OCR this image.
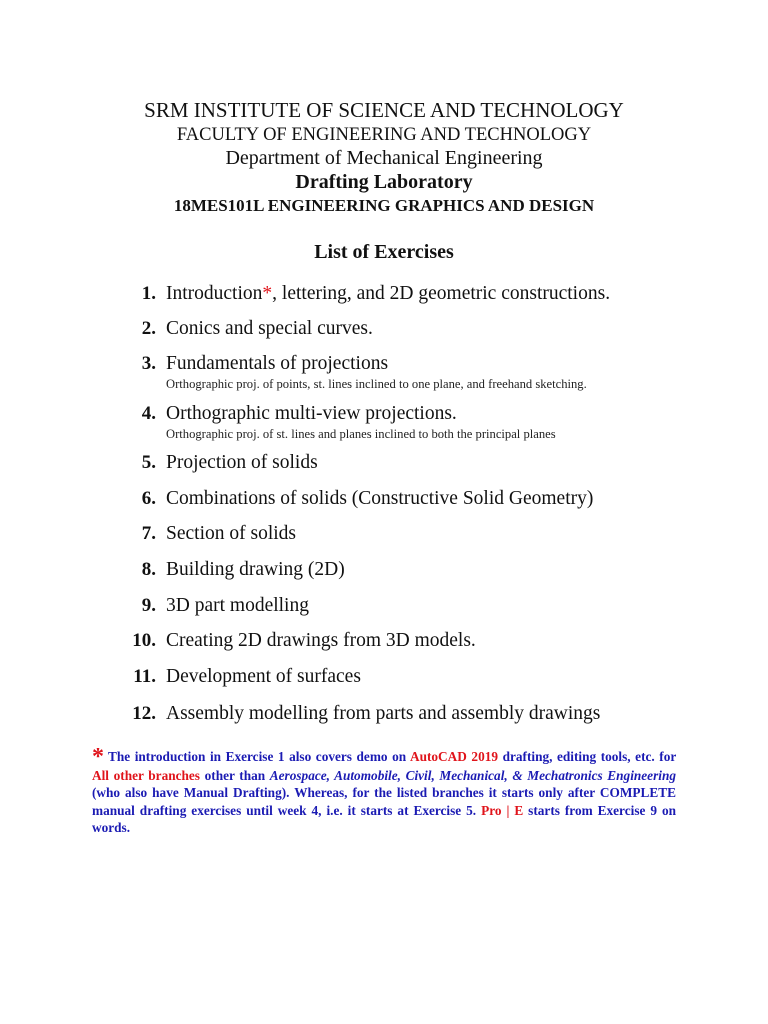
SRM INSTITUTE OF SCIENCE AND TECHNOLOGY
FACULTY OF ENGINEERING AND TECHNOLOGY
Department of Mechanical Engineering
Drafting Laboratory
18MES101L ENGINEERING GRAPHICS AND DESIGN
List of Exercises
1. Introduction*, lettering, and 2D geometric constructions.
2. Conics and special curves.
3. Fundamentals of projections
Orthographic proj. of points, st. lines inclined to one plane, and freehand sketching.
4. Orthographic multi-view projections.
Orthographic proj. of st. lines and planes inclined to both the principal planes
5. Projection of solids
6. Combinations of solids (Constructive Solid Geometry)
7. Section of solids
8. Building drawing (2D)
9. 3D part modelling
10. Creating 2D drawings from 3D models.
11. Development of surfaces
12. Assembly modelling from parts and assembly drawings
* The introduction in Exercise 1 also covers demo on AutoCAD 2019 drafting, editing tools, etc. for All other branches other than Aerospace, Automobile, Civil, Mechanical, & Mechatronics Engineering (who also have Manual Drafting). Whereas, for the listed branches it starts only after COMPLETE manual drafting exercises until week 4, i.e. it starts at Exercise 5. Pro | E starts from Exercise 9 on words.
